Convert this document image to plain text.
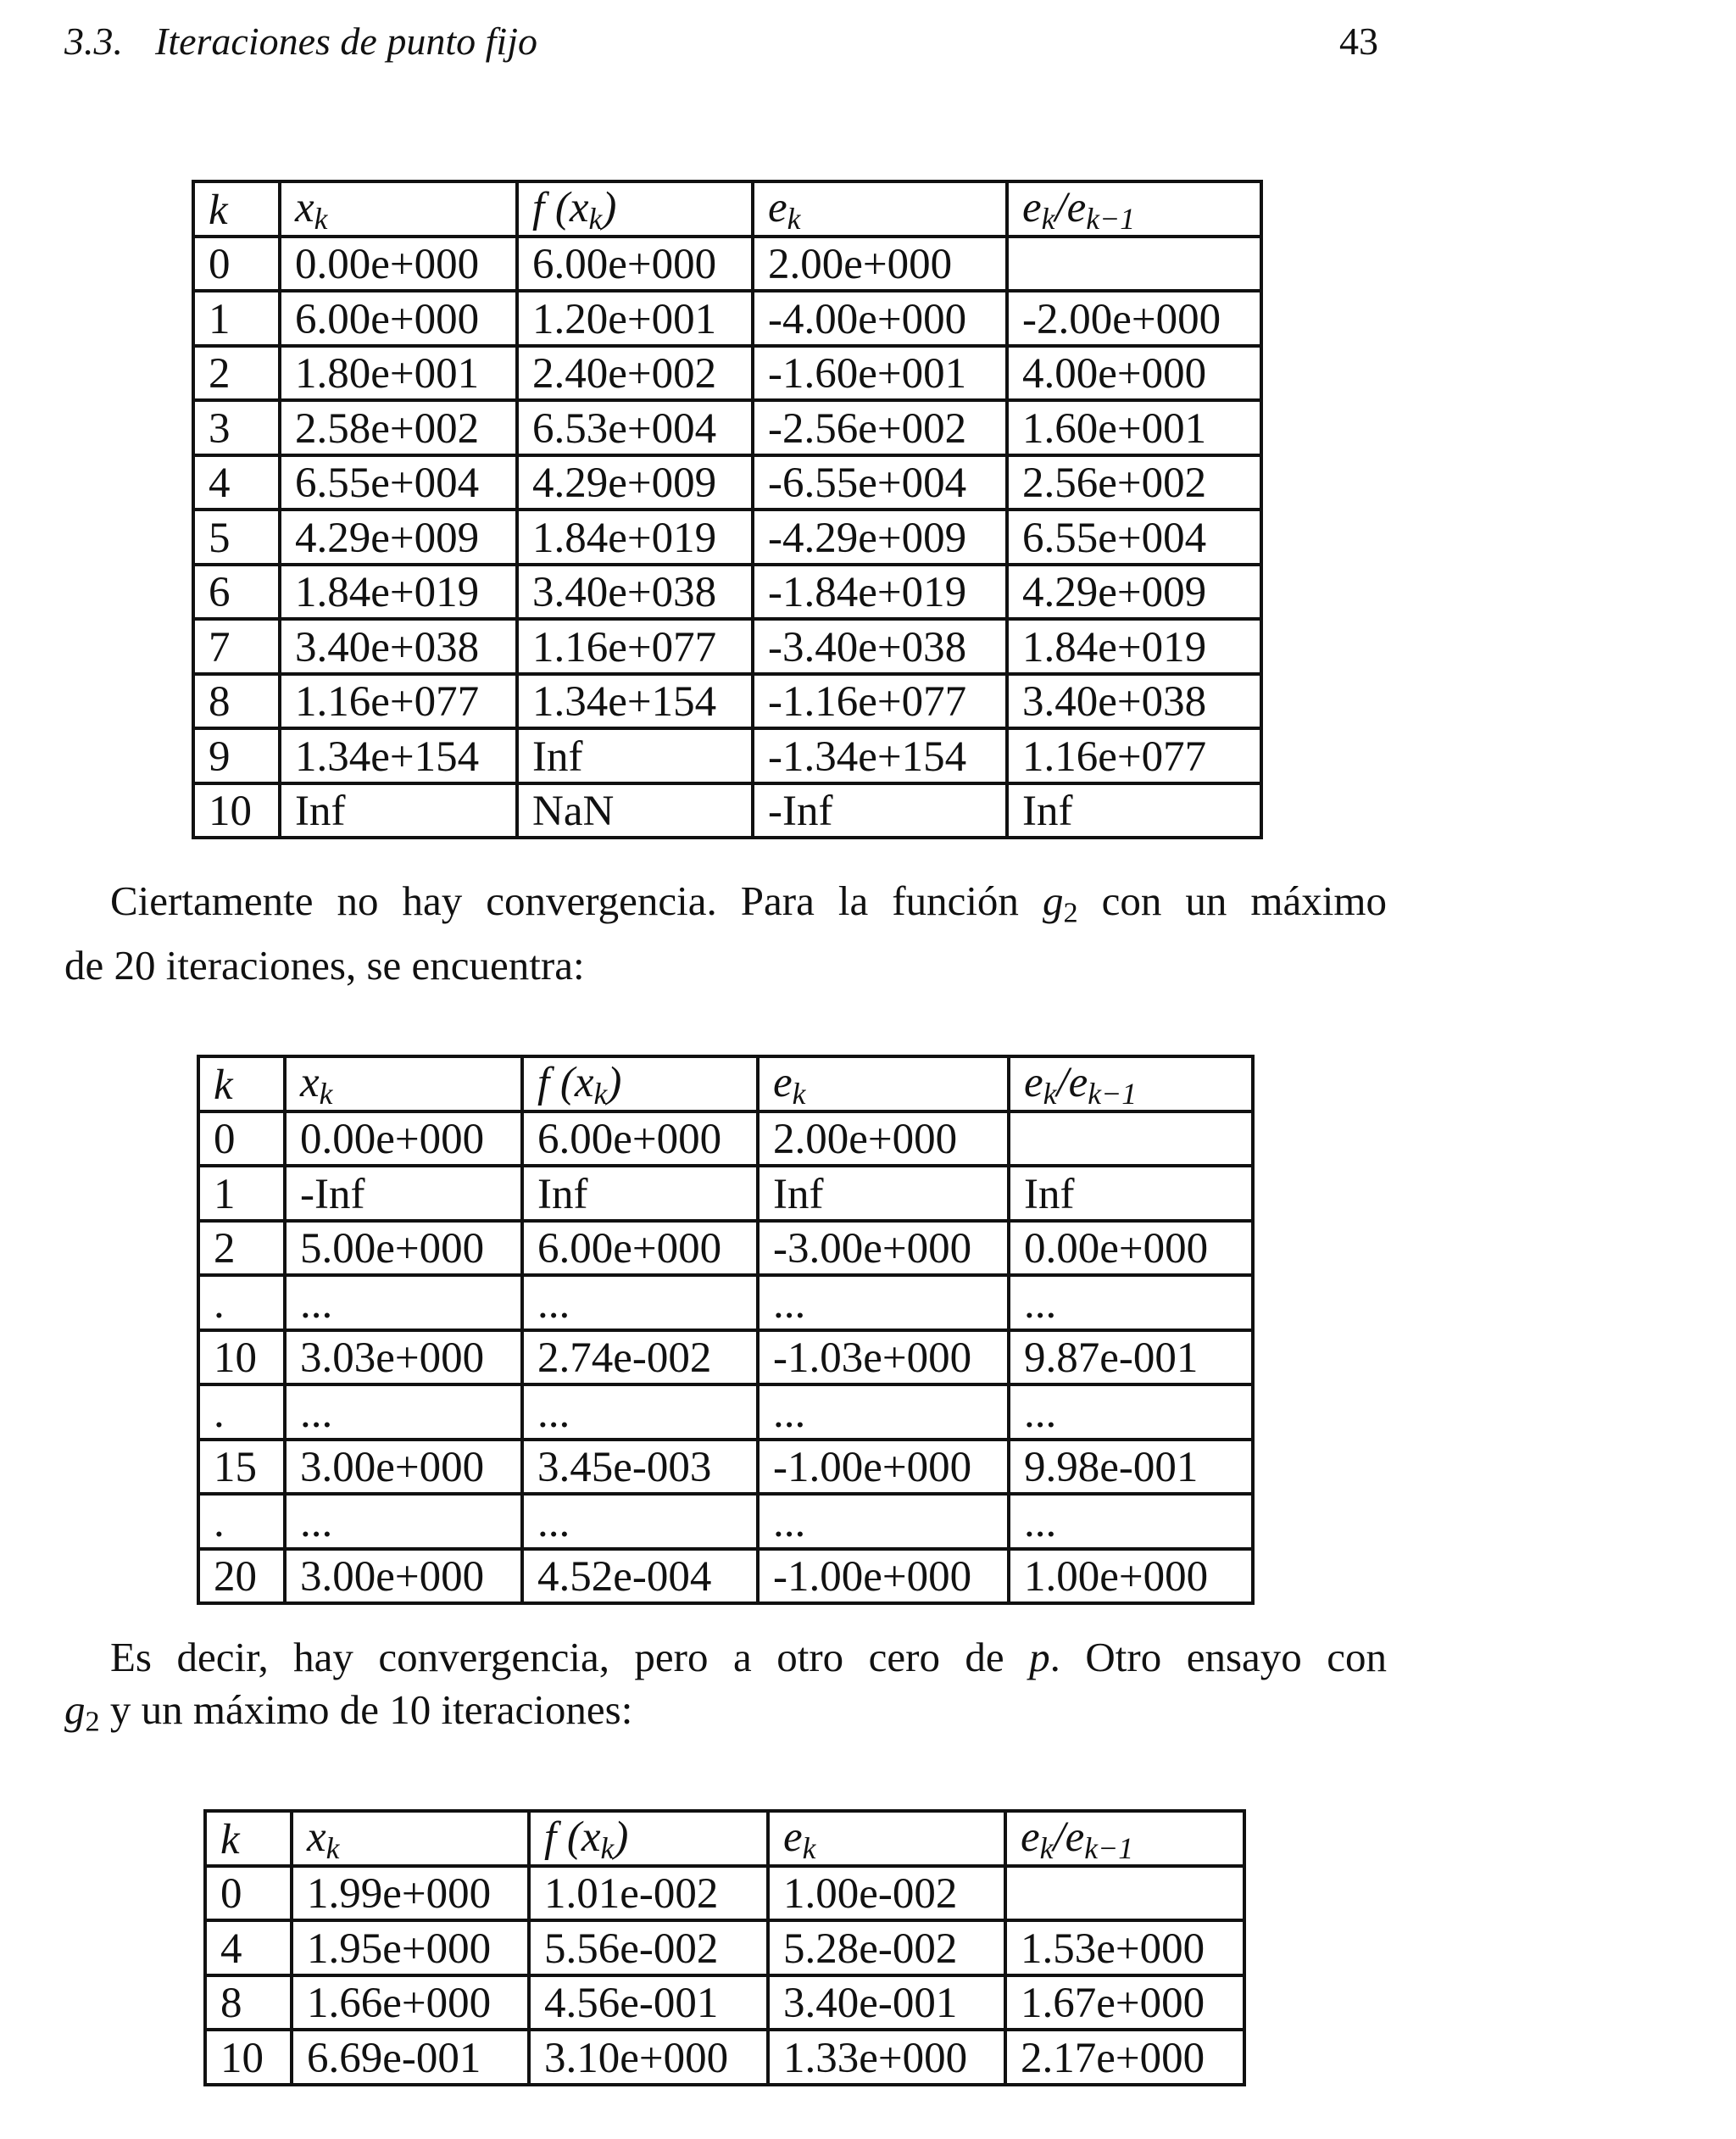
3.3. Iteraciones de punto fijo	43
k	$x_k$	f $(x_k)$	$e_k$	$e_k/e_{k-1}$
0	0.00e+000	6.00e+000	2.00e+000	
1	6.00e+000	1.20e+001	-4.00e+000	-2.00e+000
2	1.80e+001	2.40e+002	-1.60e+001	4.00e+000
3	2.58e+002	6.53e+004	-2.56e+002	1.60e+001
4	6.55e+004	4.29e+009	-6.55e+004	2.56e+002
5	4.29e+009	1.84e+019	-4.29e+009	6.55e+004
6	1.84e+019	3.40e+038	-1.84e+019	4.29e+009
7	3.40e+038	1.16e+077	-3.40e+038	1.84e+019
8	1.16e+077	1.34e+154	-1.16e+077	3.40e+038
9	1.34e+154	Inf	-1.34e+154	1.16e+077
10	Inf	NaN	-Inf	Inf
Ciertamente no hay convergencia. Para la función $g_2$ con un máximo
de 20 iteraciones, se encuentra:
k	$x_k$	f $(x_k)$	$e_k$	$e_k/e_{k-1}$
0	0.00e+000	6.00e+000	2.00e+000	
1	-Inf	Inf	Inf	Inf
2	5.00e+000	6.00e+000	-3.00e+000	0.00e+000
.	...	...	...	...
10	3.03e+000	2.74e-002	-1.03e+000	9.87e-001
.	...	...	...	...
15	3.00e+000	3.45e-003	-1.00e+000	9.98e-001
.	...	...	...	...
20	3.00e+000	4.52e-004	-1.00e+000	1.00e+000
Es decir, hay convergencia, pero a otro cero de p. Otro ensayo con
$g_2$ y un máximo de 10 iteraciones:
k	$x_k$	f $(x_k)$	$e_k$	$e_k/e_{k-1}$
0	1.99e+000	1.01e-002	1.00e-002	
4	1.95e+000	5.56e-002	5.28e-002	1.53e+000
8	1.66e+000	4.56e-001	3.40e-001	1.67e+000
10	6.69e-001	3.10e+000	1.33e+000	2.17e+000
